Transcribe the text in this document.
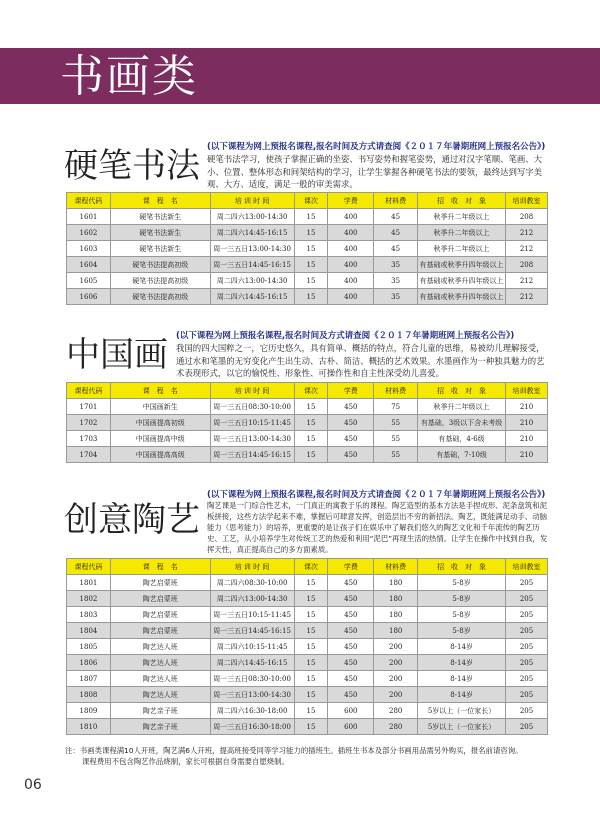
书画类
硬笔书法 (以下课程为网上预报名课程,报名时间及方式请查阅《２０１７年暑期班网上预报名公告》)
硬笔书法学习，使孩子掌握正确的坐姿、书写姿势和握笔姿势，通过对汉字笔顺、笔画、大小、位置、整体形态和间架结构的学习，让学生掌握各种硬笔书法的要领，最终达到写字美观、大方、适度，满足一般的审美需求。
课程代码	课　程　名	培 训 时 间	课次	学费	材料费	招　收　对　象	培训教室
1601	硬笔书法新生	周二四六13:00-14:30	15	400	45	秋季升二年级以上	208
1602	硬笔书法新生	周二四六14:45-16:15	15	400	45	秋季升二年级以上	212
1603	硬笔书法新生	周一三五日13:00-14:30	15	400	45	秋季升二年级以上	212
1604	硬笔书法提高初级	周一三五日14:45-16:15	15	400	35	有基础或秋季升四年级以上	208
1605	硬笔书法提高初级	周二四六13:00-14:30	15	400	35	有基础或秋季升四年级以上	212
1606	硬笔书法提高初级	周二四六14:45-16:15	15	400	35	有基础或秋季升四年级以上	212
中国画 (以下课程为网上预报名课程,报名时间及方式请查阅《２０１７年暑期班网上预报名公告》)
我国的四大国粹之一，它历史悠久，具有简单、概括的特点，符合儿童的思维，易被幼儿理解接受，通过水和笔墨的无穷变化产生出生动、古朴、简洁、概括的艺术效果。水墨画作为一种独具魅力的艺术表现形式，以它的愉悦性、形象性、可操作性和自主性深受幼儿喜爱。
课程代码	课　程　名	培 训 时 间	课次	学费	材料费	招　收　对　象	培训教室
1701	中国画新生	周一三五日08:30-10:00	15	450	75	秋季升二年级以上	210
1702	中国画提高初级	周一三五日10:15-11:45	15	450	55	有基础，3级以下含未考级	210
1703	中国画提高中级	周一三五日13:00-14:30	15	450	55	有基础，4-6级	210
1704	中国画提高高级	周一三五日14:45-16:15	15	450	55	有基础，7-10级	210
创意陶艺
(以下课程为网上预报名课程,报名时间及方式请查阅《２０１７年暑期班网上预报名公告》)
陶艺课是一门综合性艺术，一门真正的寓教于乐的课程。陶艺造型的基本方法是手捏成形、泥条盘筑和泥板拼接，这些方法学起来不难，掌握后可肆意发挥，创造层出不穷的新招法。陶艺，既能满足动手、动脑能力（思考能力）的培养，更重要的是让孩子们在娱乐中了解我们悠久的陶艺文化和千年流传的陶艺历史、工艺，从小培养学生对传统工艺的热爱和利用“泥巴”再现生活的热情。让学生在操作中找到自我，发挥天性，真正提高自己的多方面素质。
课程代码	课　程　名	培 训 时 间	课次	学费	材料费	招　收　对　象	培训教室
1801	陶艺启蒙班	周二四六08:30-10:00	15	450	180	5-8岁	205
1802	陶艺启蒙班	周二四六13:00-14:30	15	450	180	5-8岁	205
1803	陶艺启蒙班	周一三五日10:15-11:45	15	450	180	5-8岁	205
1804	陶艺启蒙班	周一三五日14:45-16:15	15	450	180	5-8岁	205
1805	陶艺达人班	周二四六10:15-11:45	15	450	200	8-14岁	205
1806	陶艺达人班	周二四六14:45-16:15	15	450	200	8-14岁	205
1807	陶艺达人班	周一三五日08:30-10:00	15	450	200	8-14岁	205
1808	陶艺达人班	周一三五日13:00-14:30	15	450	200	8-14岁	205
1809	陶艺亲子班	周二四六16:30-18:00	15	600	280	5岁以上（一位家长）	205
1810	陶艺亲子班	周一三五日16:30-18:00	15	600	280	5岁以上（一位家长）	205
注：书画类课程满10人开班，陶艺满6人开班，提高班接受同等学习能力的插班生。插班生书本及部分书画用品需另外购买，报名前请咨询。
课程费用不包含陶艺作品烧制，家长可根据自身需要自愿烧制。
06
